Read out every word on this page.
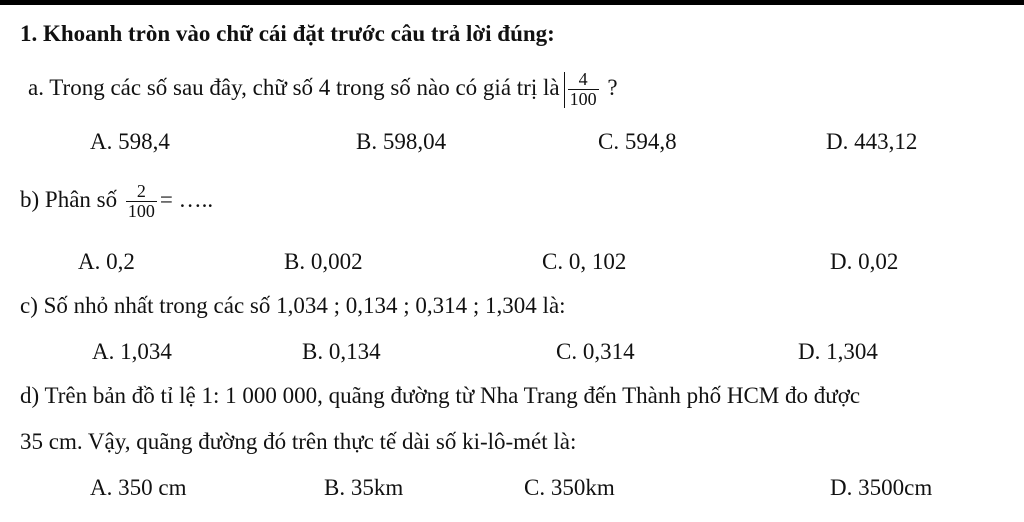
1. Khoanh tròn vào chữ cái đặt trước câu trả lời đúng:
a. Trong các số sau đây, chữ số 4 trong số nào có giá trị là $\frac{4}{100}$ ?
A. 598,4	B. 598,04	C. 594,8	D. 443,12
b) Phân số $\frac{2}{100}$ = …..
A. 0,2	B. 0,002	C. 0, 102	D. 0,02
c) Số nhỏ nhất trong các số 1,034 ; 0,134 ; 0,314 ; 1,304 là:
A. 1,034	B. 0,134	C. 0,314	D. 1,304
d) Trên bản đồ tỉ lệ 1: 1 000 000, quãng đường từ Nha Trang đến Thành phố HCM đo được
35 cm. Vậy, quãng đường đó trên thực tế dài số ki-lô-mét là:
A. 350 cm	B. 35km	C. 350km	D. 3500cm
